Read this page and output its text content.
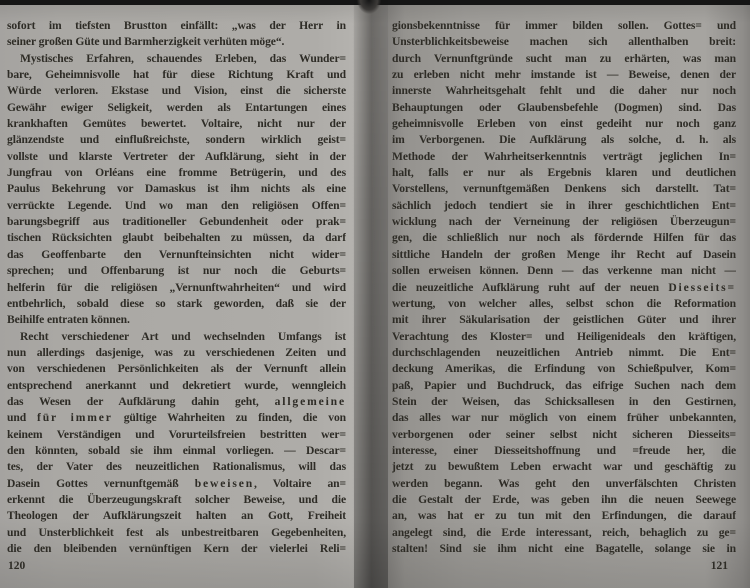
sofort im tiefsten Brustton einfällt: „was der Herr in
seiner großen Güte und Barmherzigkeit verhüten möge“.
Mystisches Erfahren, schauendes Erleben, das Wunder=
bare, Geheimnisvolle hat für diese Richtung Kraft und
Würde verloren. Ekstase und Vision, einst die sicherste
Gewähr ewiger Seligkeit, werden als Entartungen eines
krankhaften Gemütes bewertet. Voltaire, nicht nur der
glänzendste und einflußreichste, sondern wirklich geist=
vollste und klarste Vertreter der Aufklärung, sieht in der
Jungfrau von Orléans eine fromme Betrügerin, und des
Paulus Bekehrung vor Damaskus ist ihm nichts als eine
verrückte Legende. Und wo man den religiösen Offen=
barungsbegriff aus traditioneller Gebundenheit oder prak=
tischen Rücksichten glaubt beibehalten zu müssen, da darf
das Geoffenbarte den Vernunfteinsichten nicht wider=
sprechen; und Offenbarung ist nur noch die Geburts=
helferin für die religiösen „Vernunftwahrheiten“ und wird
entbehrlich, sobald diese so stark geworden, daß sie der
Beihilfe entraten können.
Recht verschiedener Art und wechselnden Umfangs ist
nun allerdings dasjenige, was zu verschiedenen Zeiten und
von verschiedenen Persönlichkeiten als der Vernunft allein
entsprechend anerkannt und dekretiert wurde, wenngleich
das Wesen der Aufklärung dahin geht, allgemeine
und für immer gültige Wahrheiten zu finden, die von
keinem Verständigen und Vorurteilsfreien bestritten wer=
den könnten, sobald sie ihm einmal vorliegen. — Descar=
tes, der Vater des neuzeitlichen Rationalismus, will das
Dasein Gottes vernunftgemäß beweisen, Voltaire an=
erkennt die Überzeugungskraft solcher Beweise, und die
Theologen der Aufklärungszeit halten an Gott, Freiheit
und Unsterblichkeit fest als unbestreitbaren Gegebenheiten,
die den bleibenden vernünftigen Kern der vielerlei Reli=
gionsbekenntnisse für immer bilden sollen. Gottes= und
Unsterblichkeitsbeweise machen sich allenthalben breit:
durch Vernunftgründe sucht man zu erhärten, was man
zu erleben nicht mehr imstande ist — Beweise, denen der
innerste Wahrheitsgehalt fehlt und die daher nur noch
Behauptungen oder Glaubensbefehle (Dogmen) sind. Das
geheimnisvolle Erleben von einst gedeiht nur noch ganz
im Verborgenen. Die Aufklärung als solche, d. h. als
Methode der Wahrheitserkenntnis verträgt jeglichen In=
halt, falls er nur als Ergebnis klaren und deutlichen
Vorstellens, vernunftgemäßen Denkens sich darstellt. Tat=
sächlich jedoch tendiert sie in ihrer geschichtlichen Ent=
wicklung nach der Verneinung der religiösen Überzeugun=
gen, die schließlich nur noch als fördernde Hilfen für das
sittliche Handeln der großen Menge ihr Recht auf Dasein
sollen erweisen können. Denn — das verkenne man nicht —
die neuzeitliche Aufklärung ruht auf der neuen Diesseits=
wertung, von welcher alles, selbst schon die Reformation
mit ihrer Säkularisation der geistlichen Güter und ihrer
Verachtung des Kloster= und Heiligenideals den kräftigen,
durchschlagenden neuzeitlichen Antrieb nimmt. Die Ent=
deckung Amerikas, die Erfindung von Schießpulver, Kom=
paß, Papier und Buchdruck, das eifrige Suchen nach dem
Stein der Weisen, das Schicksallesen in den Gestirnen,
das alles war nur möglich von einem früher unbekannten,
verborgenen oder seiner selbst nicht sicheren Diesseits=
interesse, einer Diesseitshoffnung und =freude her, die
jetzt zu bewußtem Leben erwacht war und geschäftig zu
werden begann. Was geht den unverfälschten Christen
die Gestalt der Erde, was geben ihn die neuen Seewege
an, was hat er zu tun mit den Erfindungen, die darauf
angelegt sind, die Erde interessant, reich, behaglich zu ge=
stalten! Sind sie ihm nicht eine Bagatelle, solange sie in
120	121
